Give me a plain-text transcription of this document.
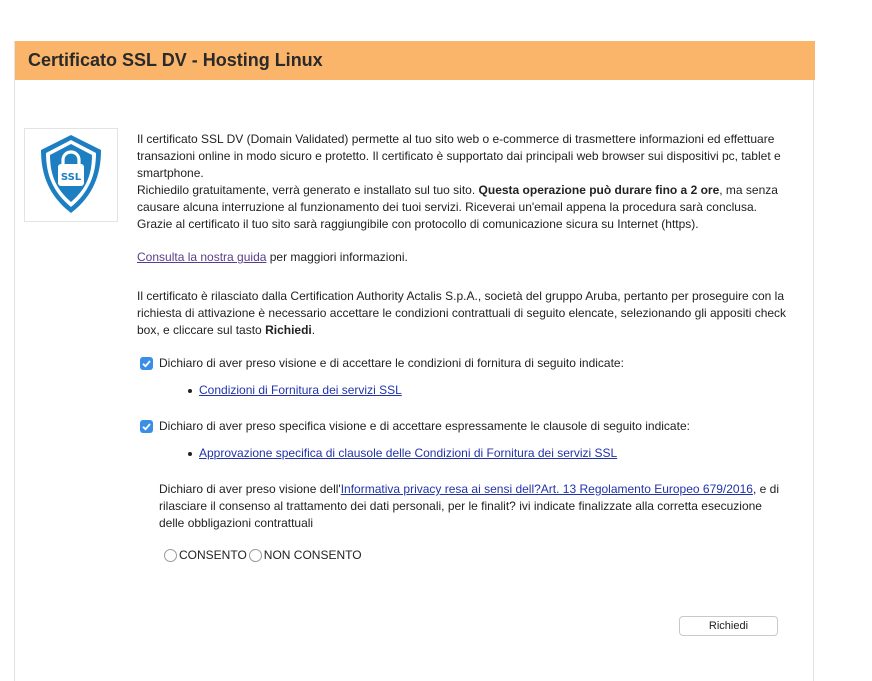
Certificato SSL DV - Hosting Linux
SSL

Il certificato SSL DV (Domain Validated) permette al tuo sito web o e-commerce di trasmettere informazioni ed effettuare transazioni online in modo sicuro e protetto. Il certificato è supportato dai principali web browser sui dispositivi pc, tablet e smartphone.
Richiedilo gratuitamente, verrà generato e installato sul tuo sito. Questa operazione può durare fino a 2 ore, ma senza causare alcuna interruzione al funzionamento dei tuoi servizi. Riceverai un'email appena la procedura sarà conclusa.
Grazie al certificato il tuo sito sarà raggiungibile con protocollo di comunicazione sicura su Internet (https).

Consulta la nostra guida per maggiori informazioni.

Il certificato è rilasciato dalla Certification Authority Actalis S.p.A., società del gruppo Aruba, pertanto per proseguire con la richiesta di attivazione è necessario accettare le condizioni contrattuali di seguito elencate, selezionando gli appositi check box, e cliccare sul tasto Richiedi.

Dichiaro di aver preso visione e di accettare le condizioni di fornitura di seguito indicate:
Condizioni di Fornitura dei servizi SSL
Dichiaro di aver preso specifica visione e di accettare espressamente le clausole di seguito indicate:
Approvazione specifica di clausole delle Condizioni di Fornitura dei servizi SSL

Dichiaro di aver preso visione dell'Informativa privacy resa ai sensi dell?Art. 13 Regolamento Europeo 679/2016, e di rilasciare il consenso al trattamento dei dati personali, per le finalit? ivi indicate finalizzate alla corretta esecuzione delle obbligazioni contrattuali

CONSENTO NON CONSENTO
Richiedi
